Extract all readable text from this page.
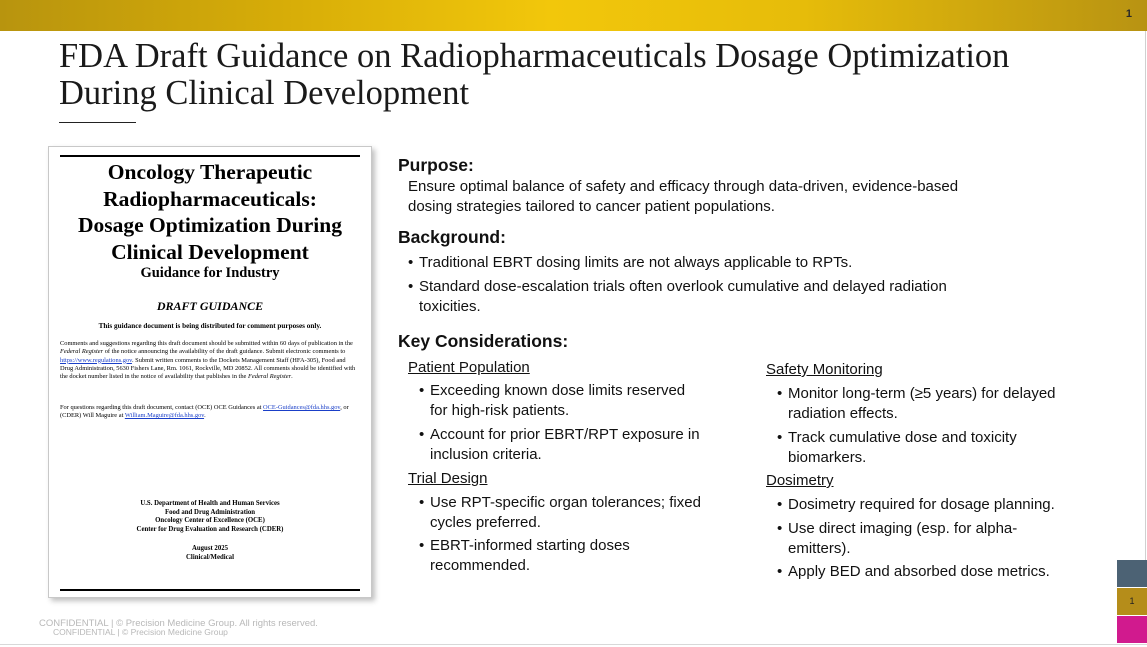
1
FDA Draft Guidance on Radiopharmaceuticals Dosage Optimization
During Clinical Development
Oncology Therapeutic
Radiopharmaceuticals:
Dosage Optimization During
Clinical Development
Guidance for Industry
DRAFT GUIDANCE
This guidance document is being distributed for comment purposes only.
Comments and suggestions regarding this draft document should be submitted within 60 days of publication in the Federal Register of the notice announcing the availability of the draft guidance. Submit electronic comments to https://www.regulations.gov. Submit written comments to the Dockets Management Staff (HFA-305), Food and Drug Administration, 5630 Fishers Lane, Rm. 1061, Rockville, MD 20852. All comments should be identified with the docket number listed in the notice of availability that publishes in the Federal Register.
For questions regarding this draft document, contact (OCE) OCE Guidances at OCE-Guidances@fda.hhs.gov, or (CDER) Will Maguire at William.Maguire@fda.hhs.gov.
U.S. Department of Health and Human Services
Food and Drug Administration
Oncology Center of Excellence (OCE)
Center for Drug Evaluation and Research (CDER)
August 2025
Clinical/Medical
Purpose:
Ensure optimal balance of safety and efficacy through data-driven, evidence-based
dosing strategies tailored to cancer patient populations.
Background:
• Traditional EBRT dosing limits are not always applicable to RPTs.
• Standard dose-escalation trials often overlook cumulative and delayed radiation
toxicities.
Key Considerations:
Patient Population
• Exceeding known dose limits reserved
for high-risk patients.
• Account for prior EBRT/RPT exposure in
inclusion criteria.
Trial Design
• Use RPT-specific organ tolerances; fixed
cycles preferred.
• EBRT-informed starting doses
recommended.
Safety Monitoring
• Monitor long-term (≥5 years) for delayed
radiation effects.
• Track cumulative dose and toxicity
biomarkers.
Dosimetry
• Dosimetry required for dosage planning.
• Use direct imaging (esp. for alpha-
emitters).
• Apply BED and absorbed dose metrics.
CONFIDENTIAL | © Precision Medicine Group. All rights reserved.
CONFIDENTIAL | © Precision Medicine Group
1
